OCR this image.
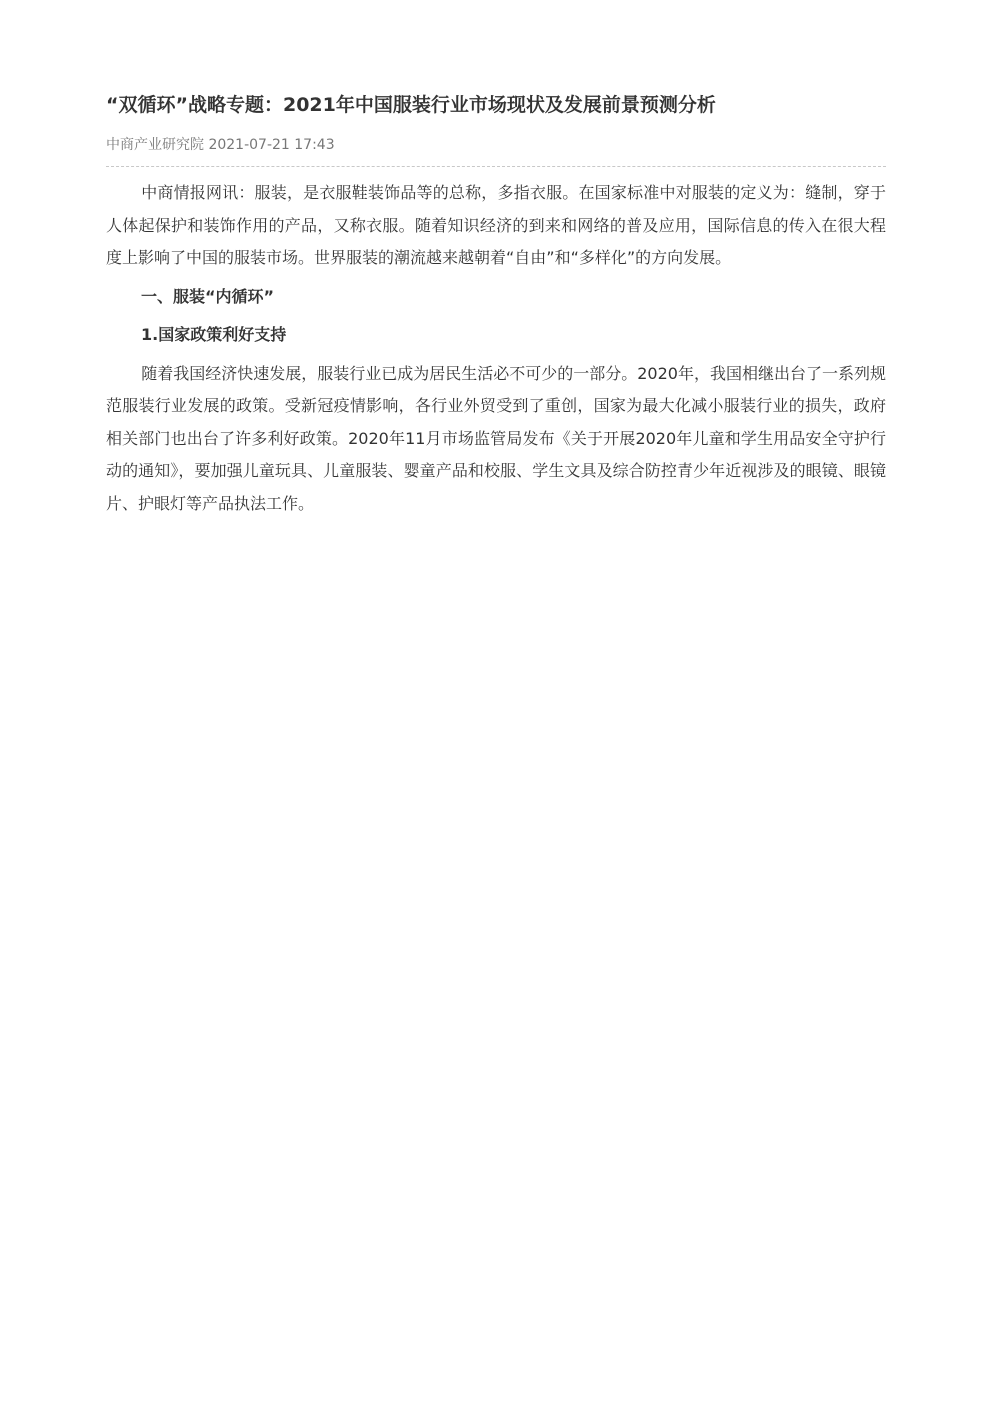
“双循环”战略专题：2021年中国服装行业市场现状及发展前景预测分析
中商产业研究院 2021-07-21 17:43

中商情报网讯：服装，是衣服鞋装饰品等的总称，多指衣服。在国家标准中对服装的定义为：缝制，穿于人体起保护和装饰作用的产品，又称衣服。随着知识经济的到来和网络的普及应用，国际信息的传入在很大程度上影响了中国的服装市场。世界服装的潮流越来越朝着“自由”和“多样化”的方向发展。

一、服装“内循环”
1.国家政策利好支持

随着我国经济快速发展，服装行业已成为居民生活必不可少的一部分。2020年，我国相继出台了一系列规范服装行业发展的政策。受新冠疫情影响，各行业外贸受到了重创，国家为最大化减小服装行业的损失，政府相关部门也出台了许多利好政策。2020年11月市场监管局发布《关于开展2020年儿童和学生用品安全守护行动的通知》，要加强儿童玩具、儿童服装、婴童产品和校服、学生文具及综合防控青少年近视涉及的眼镜、眼镜片、护眼灯等产品执法工作。
